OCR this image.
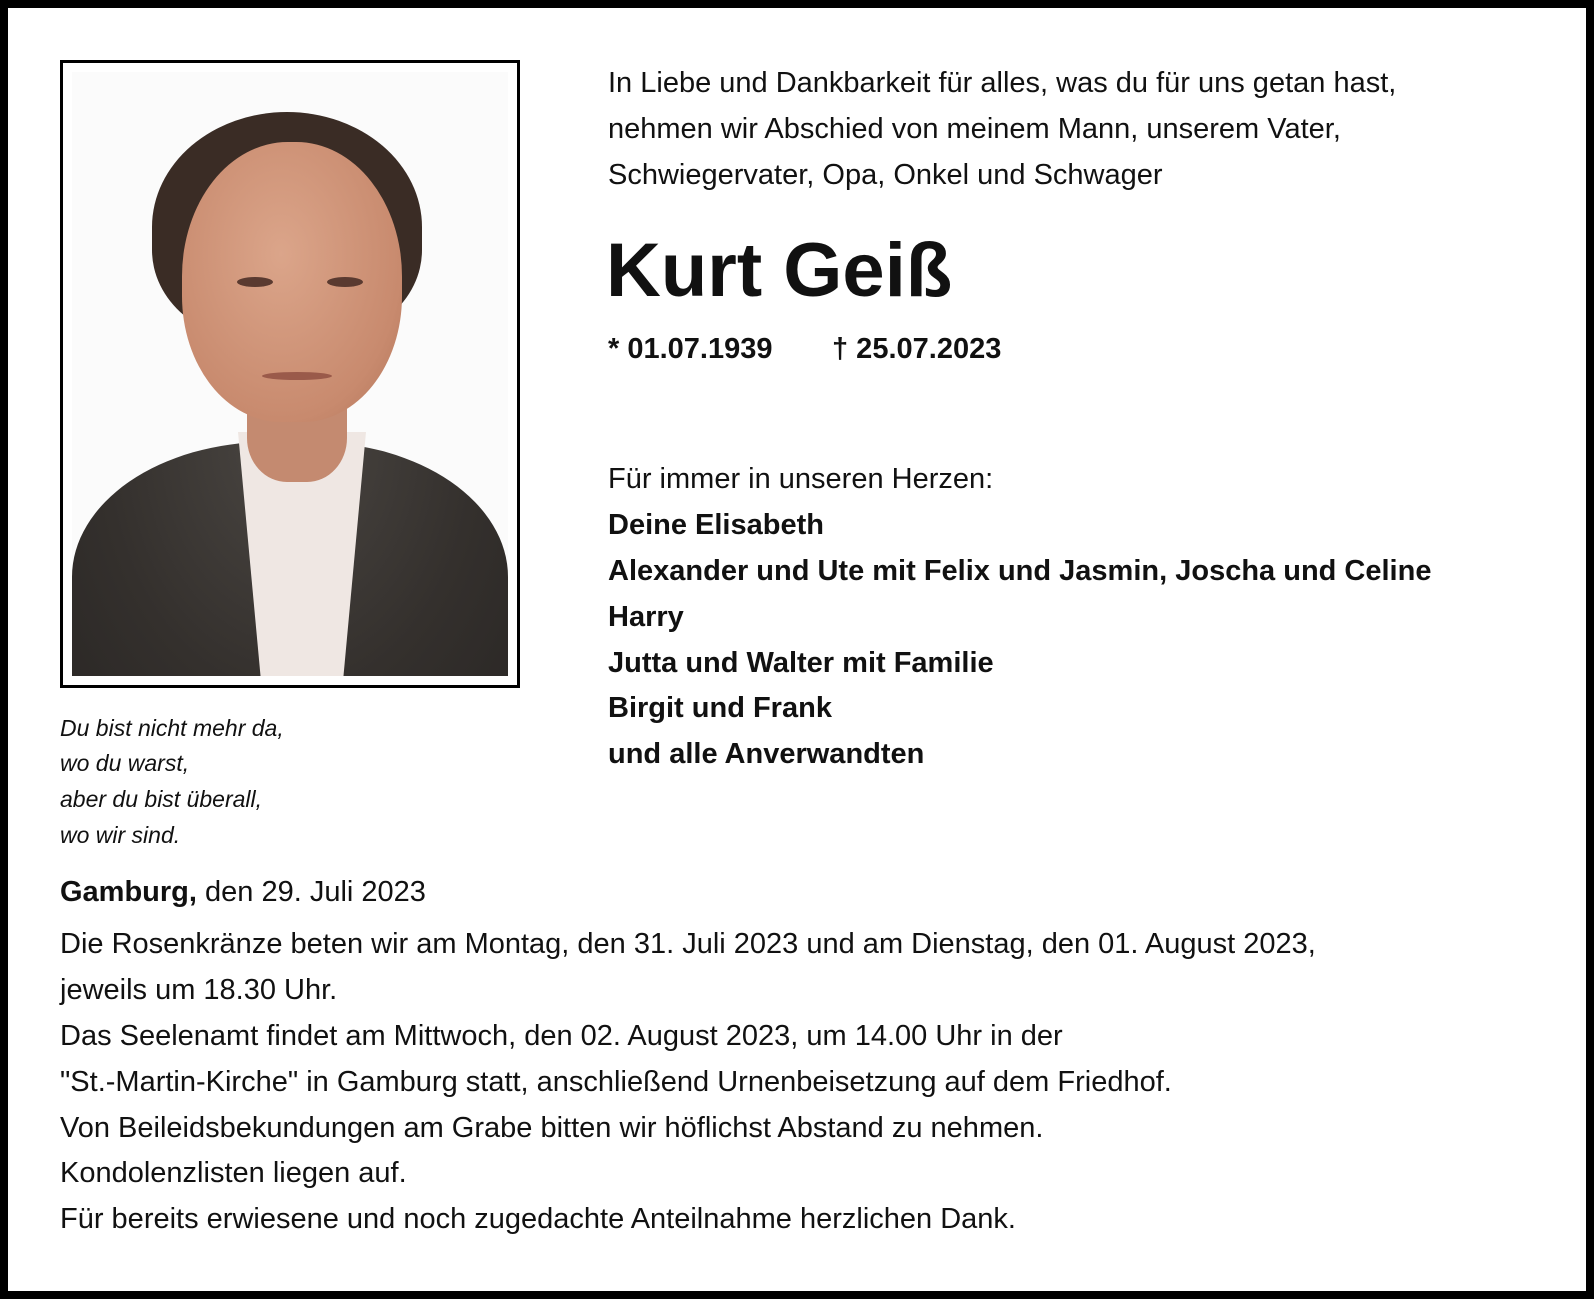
In Liebe und Dankbarkeit für alles, was du für uns getan hast,
nehmen wir Abschied von meinem Mann, unserem Vater,
Schwiegervater, Opa, Onkel und Schwager
Kurt Geiß
* 01.07.1939 † 25.07.2023
Für immer in unseren Herzen:
Deine Elisabeth
Alexander und Ute mit Felix und Jasmin, Joscha und Celine
Harry
Jutta und Walter mit Familie
Birgit und Frank
und alle Anverwandten
Du bist nicht mehr da,
wo du warst,
aber du bist überall,
wo wir sind.
Gamburg, den 29. Juli 2023
Die Rosenkränze beten wir am Montag, den 31. Juli 2023 und am Dienstag, den 01. August 2023,
jeweils um 18.30 Uhr.
Das Seelenamt findet am Mittwoch, den 02. August 2023, um 14.00 Uhr in der
"St.-Martin-Kirche" in Gamburg statt, anschließend Urnenbeisetzung auf dem Friedhof.
Von Beileidsbekundungen am Grabe bitten wir höflichst Abstand zu nehmen.
Kondolenzlisten liegen auf.
Für bereits erwiesene und noch zugedachte Anteilnahme herzlichen Dank.
